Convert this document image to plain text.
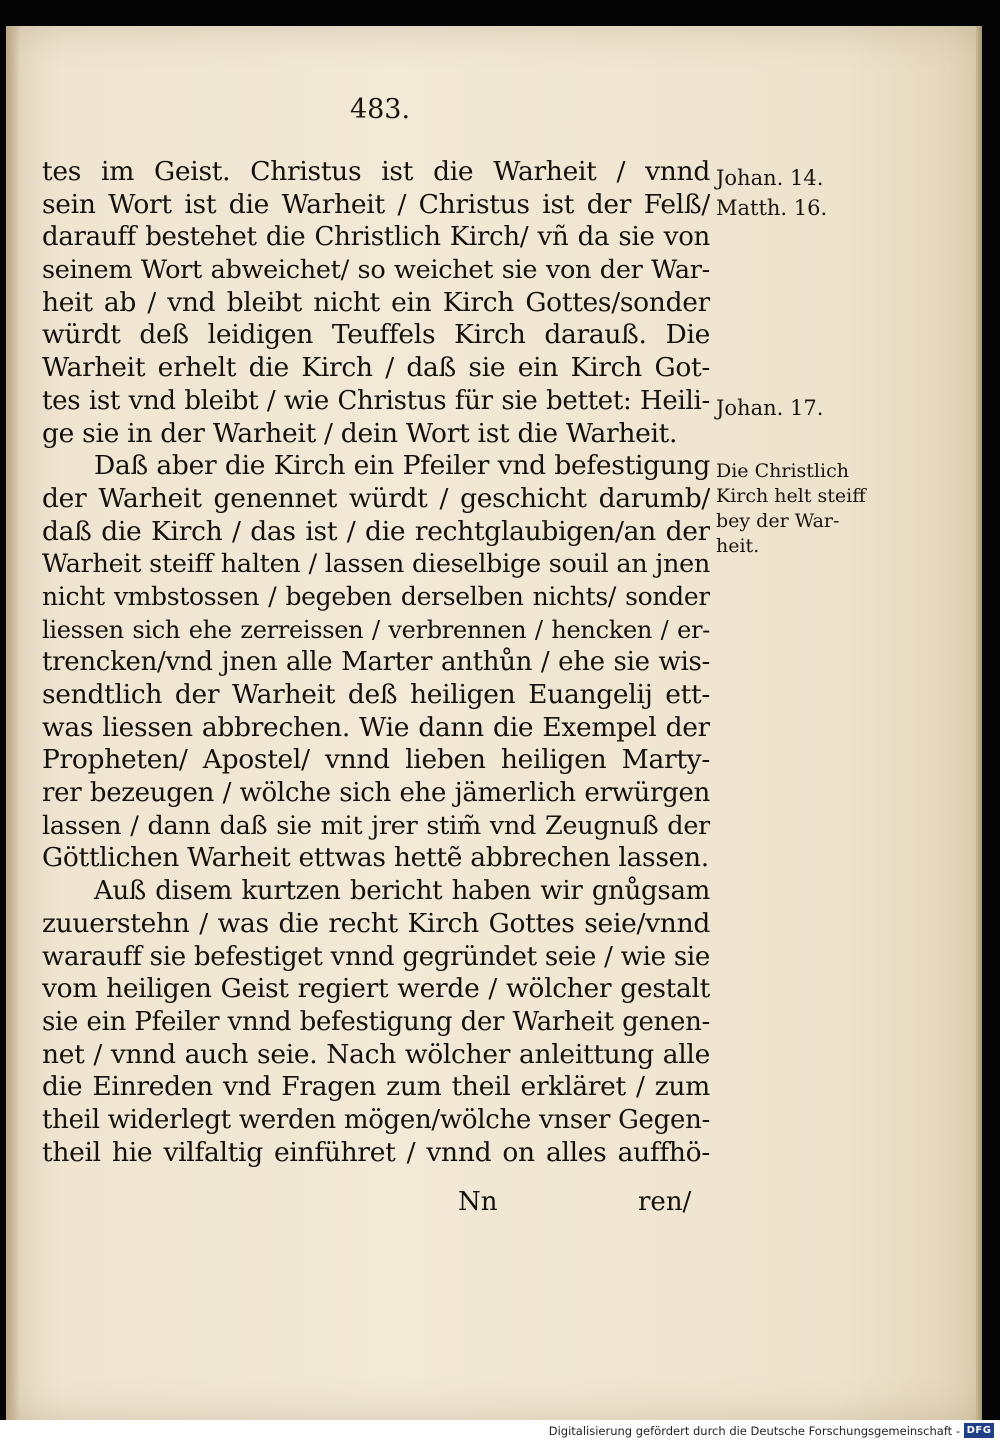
483.
tes im Geist. Christus ist die Warheit / vnnd
sein Wort ist die Warheit / Christus ist der Felß/
darauff bestehet die Christlich Kirch/ vñ da sie von
seinem Wort abweichet/ so weichet sie von der War-
heit ab / vnd bleibt nicht ein Kirch Gottes/sonder
würdt deß leidigen Teuffels Kirch darauß. Die
Warheit erhelt die Kirch / daß sie ein Kirch Got-
tes ist vnd bleibt / wie Christus für sie bettet: Heili-
ge sie in der Warheit / dein Wort ist die Warheit.
Daß aber die Kirch ein Pfeiler vnd befestigung
der Warheit genennet würdt / geschicht darumb/
daß die Kirch / das ist / die rechtglaubigen/an der
Warheit steiff halten / lassen dieselbige souil an jnen
nicht vmbstossen / begeben derselben nichts/ sonder
liessen sich ehe zerreissen / verbrennen / hencken / er-
trencken/vnd jnen alle Marter anthůn / ehe sie wis-
sendtlich der Warheit deß heiligen Euangelij ett-
was liessen abbrechen. Wie dann die Exempel der
Propheten/ Apostel/ vnnd lieben heiligen Marty-
rer bezeugen / wölche sich ehe jämerlich erwürgen
lassen / dann daß sie mit jrer stim̃ vnd Zeugnuß der
Göttlichen Warheit ettwas hettẽ abbrechen lassen.
Auß disem kurtzen bericht haben wir gnůgsam
zuuerstehn / was die recht Kirch Gottes seie/vnnd
warauff sie befestiget vnnd gegründet seie / wie sie
vom heiligen Geist regiert werde / wölcher gestalt
sie ein Pfeiler vnnd befestigung der Warheit genen-
net / vnnd auch seie. Nach wölcher anleittung alle
die Einreden vnd Fragen zum theil erkläret / zum
theil widerlegt werden mögen/wölche vnser Gegen-
theil hie vilfaltig einführet / vnnd on alles auffhö-
Johan. 14.
Matth. 16.
Johan. 17.
Die Christlich
Kirch helt steiff
bey der War-
heit.
Nn	ren/
Digitalisierung gefördert durch die Deutsche Forschungsgemeinschaft - DFG
